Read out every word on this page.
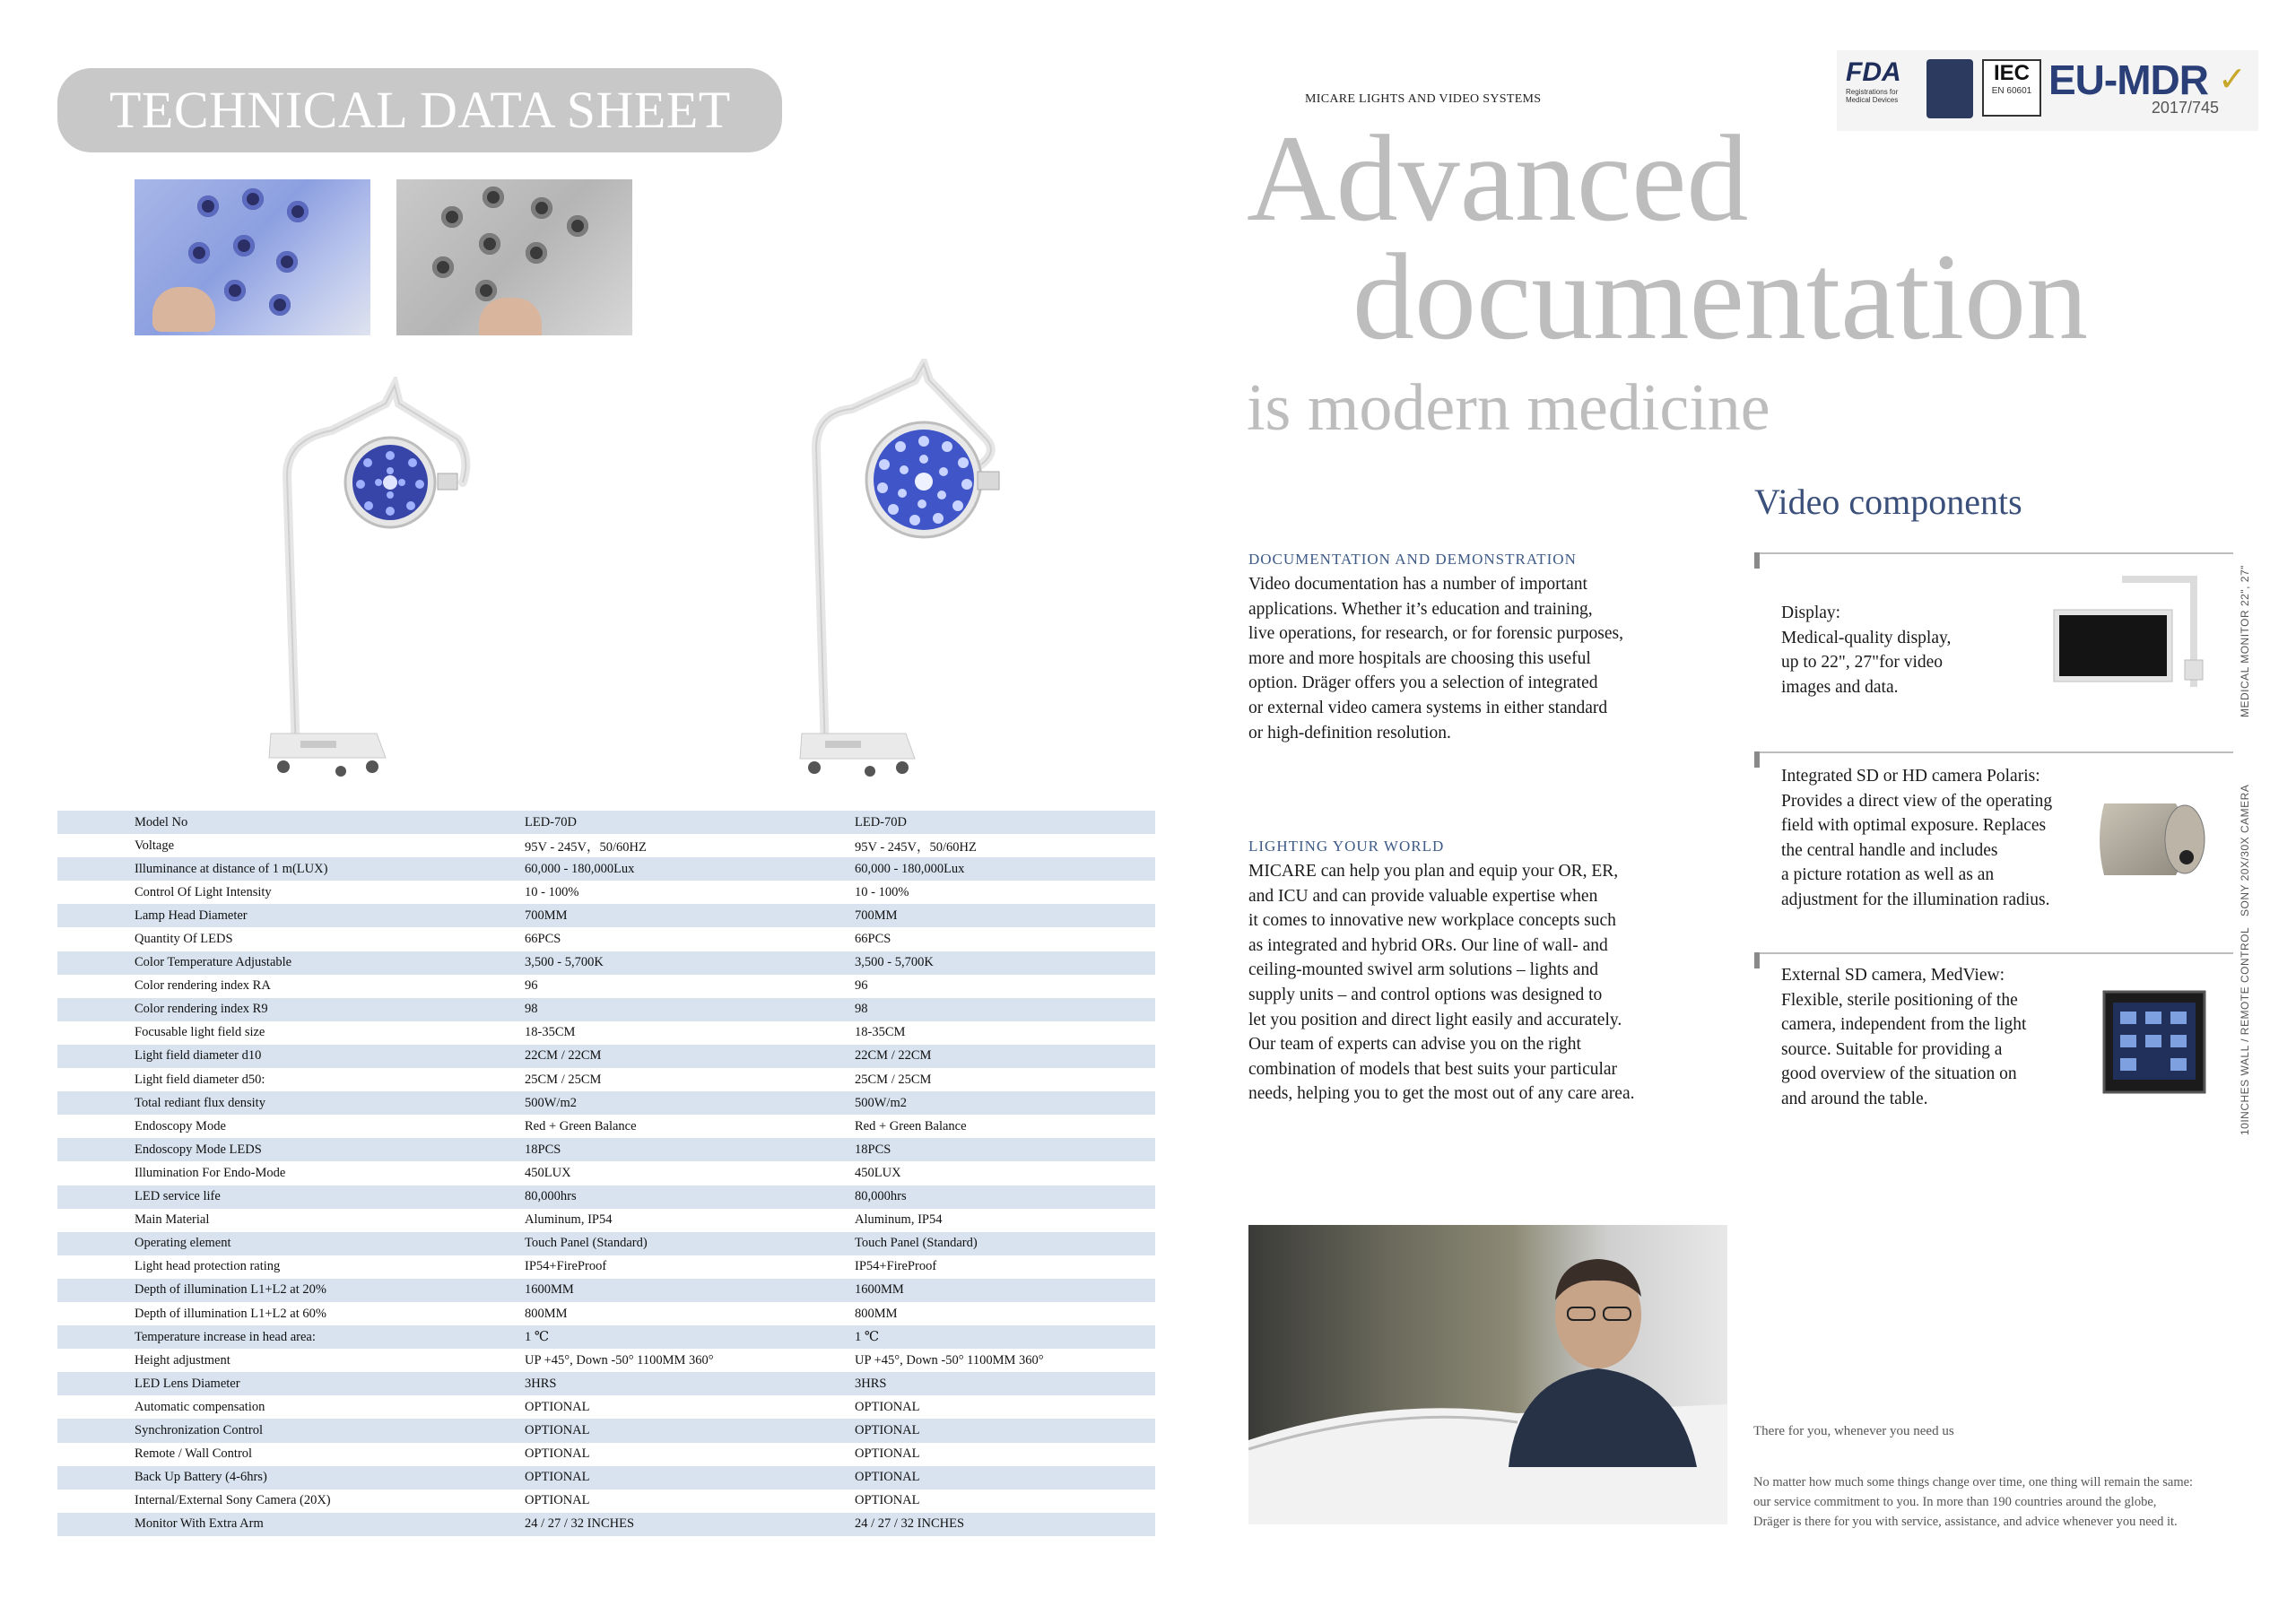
TECHNICAL DATA SHEET
Model No	LED-70D	LED-70D
Voltage	95V - 245V，50/60HZ	95V - 245V，50/60HZ
Illuminance at distance of 1 m(LUX)	60,000 - 180,000Lux	60,000 - 180,000Lux
Control Of Light Intensity	10 - 100%	10 - 100%
Lamp Head Diameter	700MM	700MM
Quantity Of LEDS	66PCS	66PCS
Color Temperature Adjustable	3,500 - 5,700K	3,500 - 5,700K
Color rendering index RA	96	96
Color rendering index R9	98	98
Focusable light field size	18-35CM	18-35CM
Light field diameter d10	22CM / 22CM	22CM / 22CM
Light field diameter d50:	25CM / 25CM	25CM / 25CM
Total rediant flux density	500W/m2	500W/m2
Endoscopy Mode	Red + Green Balance	Red + Green Balance
Endoscopy Mode LEDS	18PCS	18PCS
Illumination For Endo-Mode	450LUX	450LUX
LED service life	80,000hrs	80,000hrs
Main Material	Aluminum, IP54	Aluminum, IP54
Operating element	Touch Panel (Standard)	Touch Panel (Standard)
Light head protection rating	IP54+FireProof	IP54+FireProof
Depth of illumination L1+L2 at 20%	1600MM	1600MM
Depth of illumination L1+L2 at 60%	800MM	800MM
Temperature increase in head area:	1 ℃	1 ℃
Height adjustment	UP +45°, Down -50° 1100MM 360°	UP +45°, Down -50° 1100MM 360°
LED Lens Diameter	3HRS	3HRS
Automatic compensation	OPTIONAL	OPTIONAL
Synchronization Control	OPTIONAL	OPTIONAL
Remote / Wall Control	OPTIONAL	OPTIONAL
Back Up Battery (4-6hrs)	OPTIONAL	OPTIONAL
Internal/External Sony Camera (20X)	OPTIONAL	OPTIONAL
Monitor With Extra Arm	24 / 27 / 32 INCHES	24 / 27 / 32 INCHES
MICARE LIGHTS AND VIDEO SYSTEMS
FDA
Registrations for Medical Devices
IEC
EN 60601 EU-MDR
2017/745
✓
Advanced
documentation
is modern medicine
Video components
DOCUMENTATION AND DEMONSTRATION
Video documentation has a number of important
applications. Whether it’s education and training,
live operations, for research, or for forensic purposes,
more and more hospitals are choosing this useful
option. Dräger offers you a selection of integrated
or external video camera systems in either standard
or high-definition resolution.
LIGHTING YOUR WORLD
MICARE can help you plan and equip your OR, ER,
and ICU and can provide valuable expertise when
it comes to innovative new workplace concepts such
as integrated and hybrid ORs. Our line of wall- and
ceiling-mounted swivel arm solutions – lights and
supply units – and control options was designed to
let you position and direct light easily and accurately.
Our team of experts can advise you on the right
combination of models that best suits your particular
needs, helping you to get the most out of any care area.
Display:
Medical-quality display,
up to 22", 27"for video
images and data.	MEDICAL MONITOR 22", 27"
Integrated SD or HD camera Polaris:
Provides a direct view of the operating
field with optimal exposure. Replaces
the central handle and includes
a picture rotation as well as an
adjustment for the illumination radius.	SONY 20X/30X CAMERA
External SD camera, MedView:
Flexible, sterile positioning of the
camera, independent from the light
source. Suitable for providing a
good overview of the situation on
and around the table.	10INCHES WALL / REMOTE CONTROL
There for you, whenever you need us
No matter how much some things change over time, one thing will remain the same:
our service commitment to you. In more than 190 countries around the globe,
Dräger is there for you with service, assistance, and advice whenever you need it.
